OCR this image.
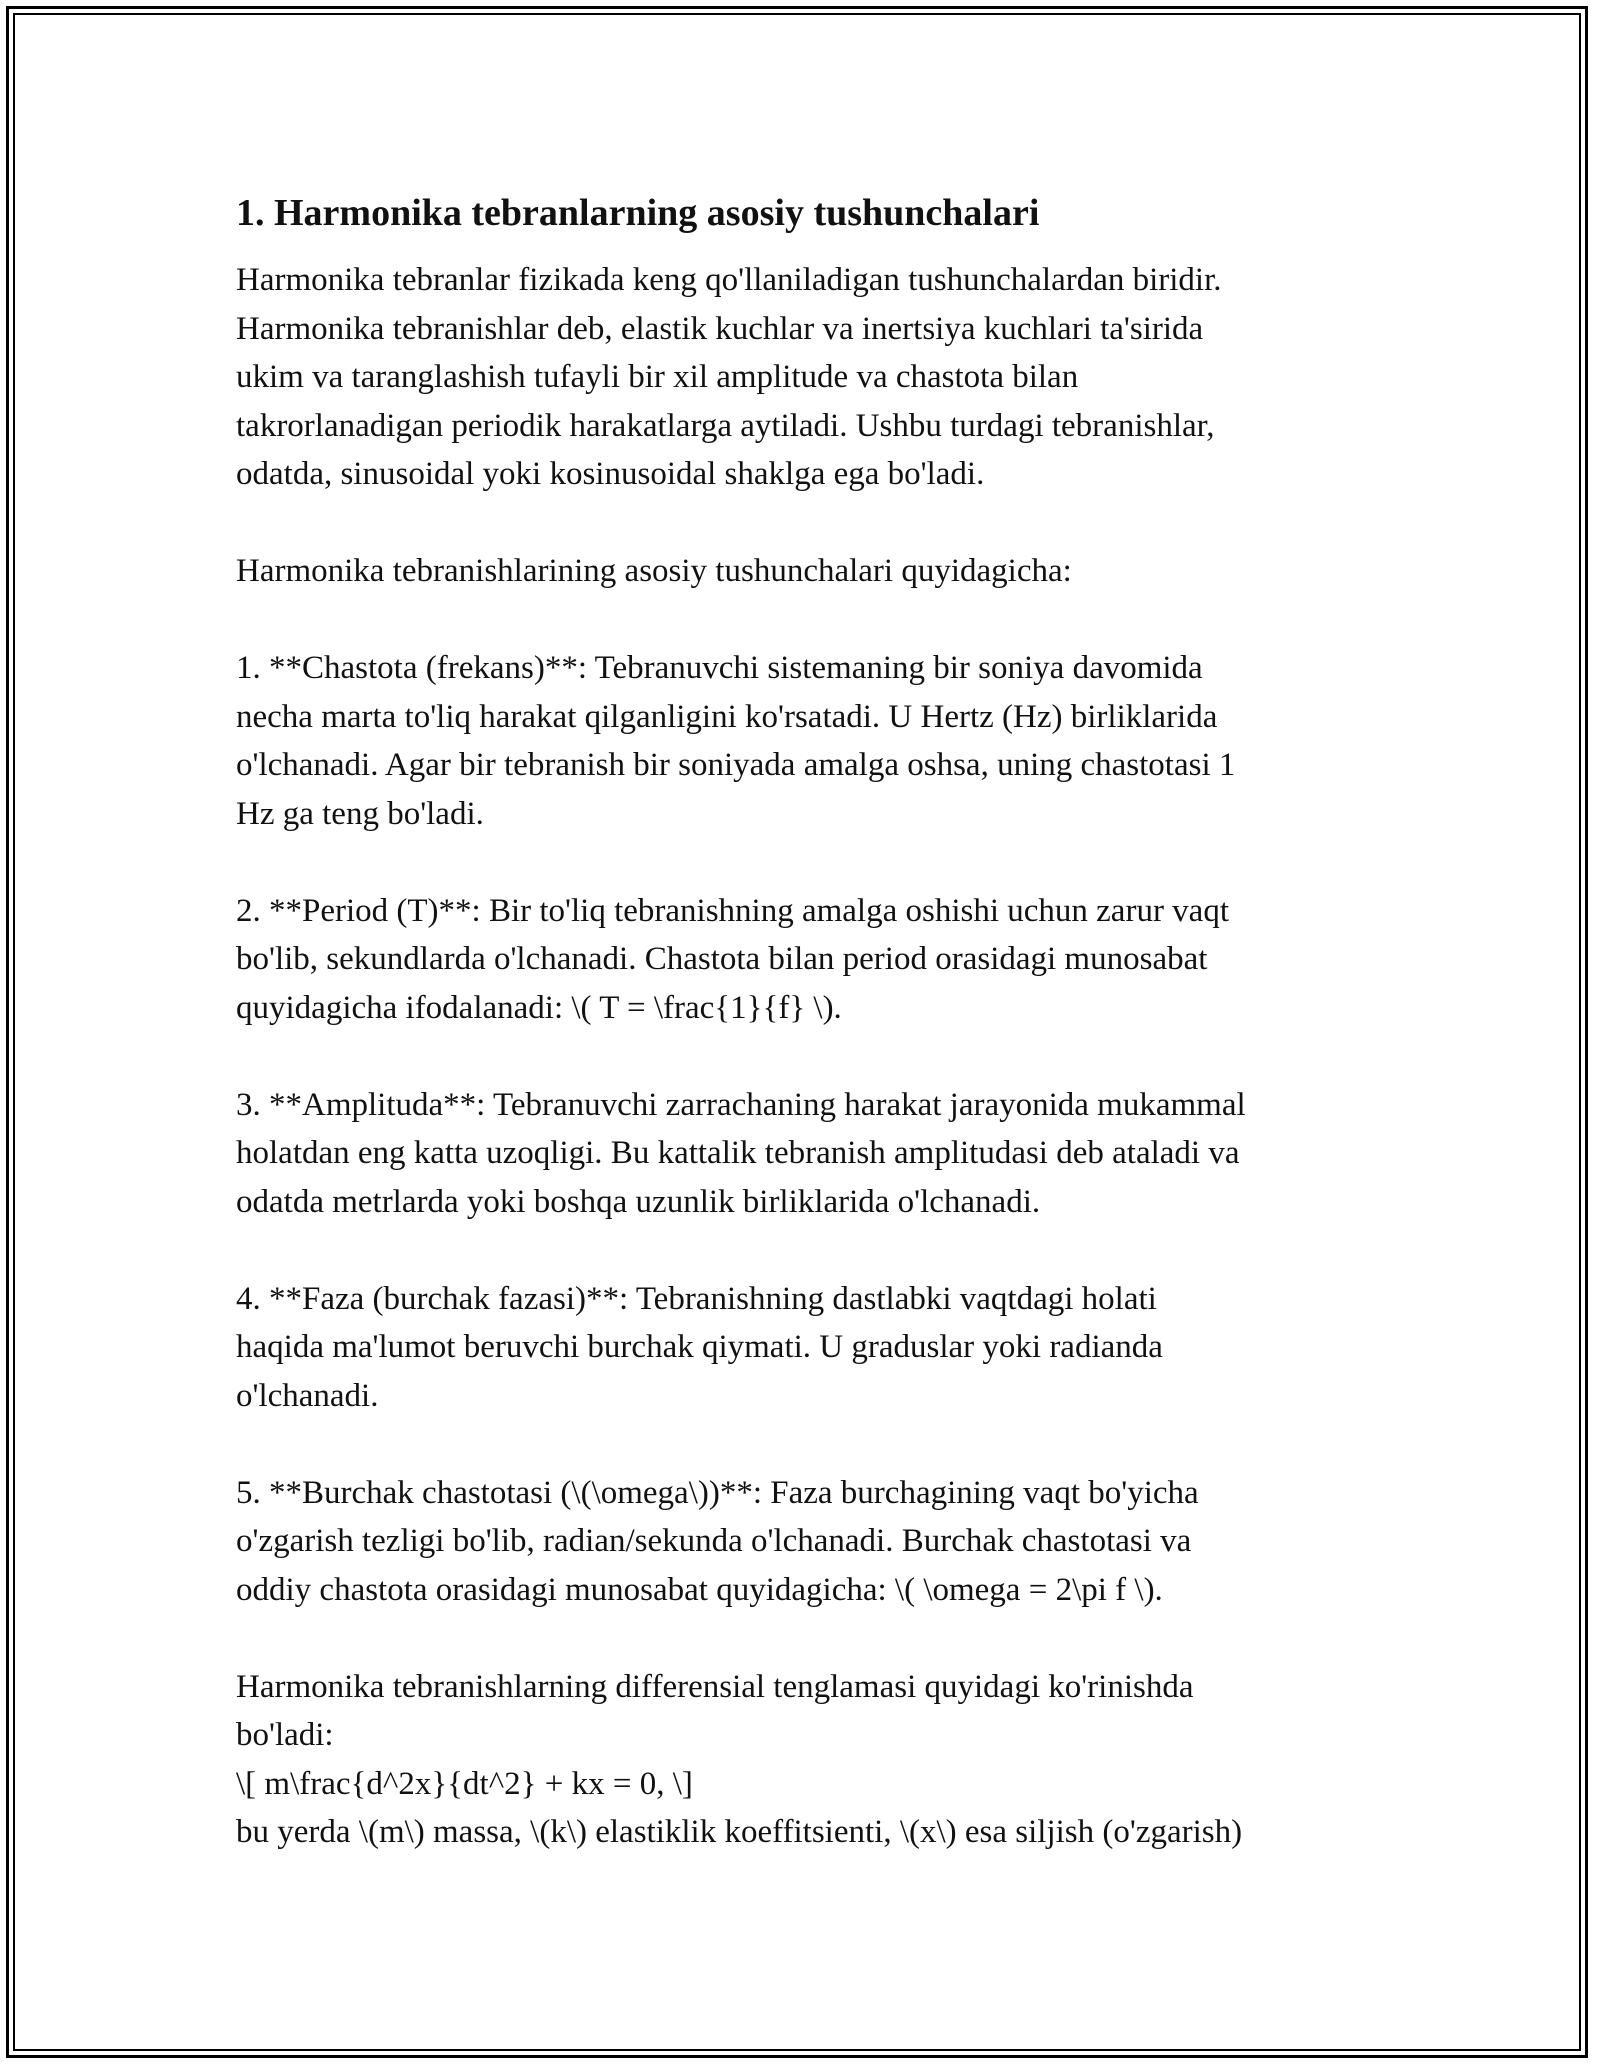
1. Harmonika tebranlarning asosiy tushunchalari
Harmonika tebranlar fizikada keng qo'llaniladigan tushunchalardan biridir.
Harmonika tebranishlar deb, elastik kuchlar va inertsiya kuchlari ta'sirida
ukim va taranglashish tufayli bir xil amplitude va chastota bilan
takrorlanadigan periodik harakatlarga aytiladi. Ushbu turdagi tebranishlar,
odatda, sinusoidal yoki kosinusoidal shaklga ega bo'ladi.
Harmonika tebranishlarining asosiy tushunchalari quyidagicha:
1. **Chastota (frekans)**: Tebranuvchi sistemaning bir soniya davomida
necha marta to'liq harakat qilganligini ko'rsatadi. U Hertz (Hz) birliklarida
o'lchanadi. Agar bir tebranish bir soniyada amalga oshsa, uning chastotasi 1
Hz ga teng bo'ladi.
2. **Period (T)**: Bir to'liq tebranishning amalga oshishi uchun zarur vaqt
bo'lib, sekundlarda o'lchanadi. Chastota bilan period orasidagi munosabat
quyidagicha ifodalanadi: \( T = \frac{1}{f} \).
3. **Amplituda**: Tebranuvchi zarrachaning harakat jarayonida mukammal
holatdan eng katta uzoqligi. Bu kattalik tebranish amplitudasi deb ataladi va
odatda metrlarda yoki boshqa uzunlik birliklarida o'lchanadi.
4. **Faza (burchak fazasi)**: Tebranishning dastlabki vaqtdagi holati
haqida ma'lumot beruvchi burchak qiymati. U graduslar yoki radianda
o'lchanadi.
5. **Burchak chastotasi (\(\omega\))**: Faza burchagining vaqt bo'yicha
o'zgarish tezligi bo'lib, radian/sekunda o'lchanadi. Burchak chastotasi va
oddiy chastota orasidagi munosabat quyidagicha: \( \omega = 2\pi f \).
Harmonika tebranishlarning differensial tenglamasi quyidagi ko'rinishda
bo'ladi:
\[ m\frac{d^2x}{dt^2} + kx = 0, \]
bu yerda \(m\) massa, \(k\) elastiklik koeffitsienti, \(x\) esa siljish (o'zgarish)
